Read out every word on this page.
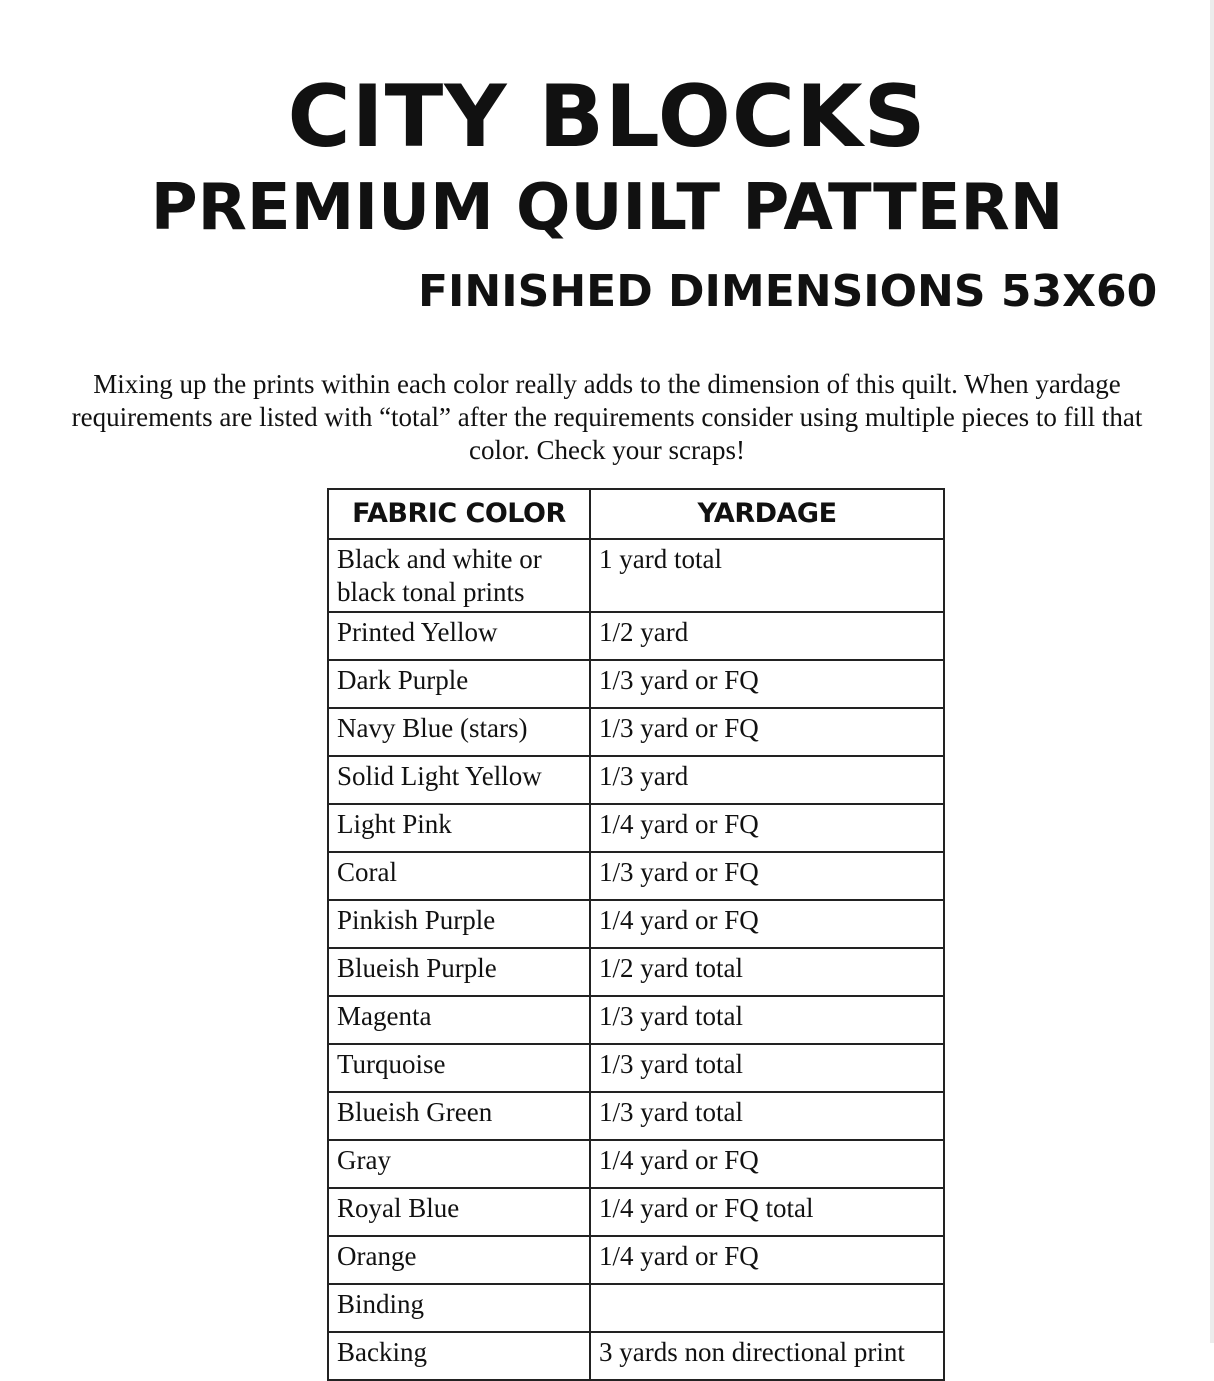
CITY BLOCKS
PREMIUM QUILT PATTERN
FINISHED DIMENSIONS 53X60

Mixing up the prints within each color really adds to the dimension of this quilt. When yardage requirements are listed with “total” after the requirements consider using multiple pieces to fill that color. Check your scraps!

FABRIC COLOR	YARDAGE
Black and white or black tonal prints	1 yard total
Printed Yellow	1/2 yard
Dark Purple	1/3 yard or FQ
Navy Blue (stars)	1/3 yard or FQ
Solid Light Yellow	1/3 yard
Light Pink	1/4 yard or FQ
Coral	1/3 yard or FQ
Pinkish Purple	1/4 yard or FQ
Blueish Purple	1/2 yard total
Magenta	1/3 yard total
Turquoise	1/3 yard total
Blueish Green	1/3 yard total
Gray	1/4 yard or FQ
Royal Blue	1/4 yard or FQ total
Orange	1/4 yard or FQ
Binding	
Backing	3 yards non directional print
